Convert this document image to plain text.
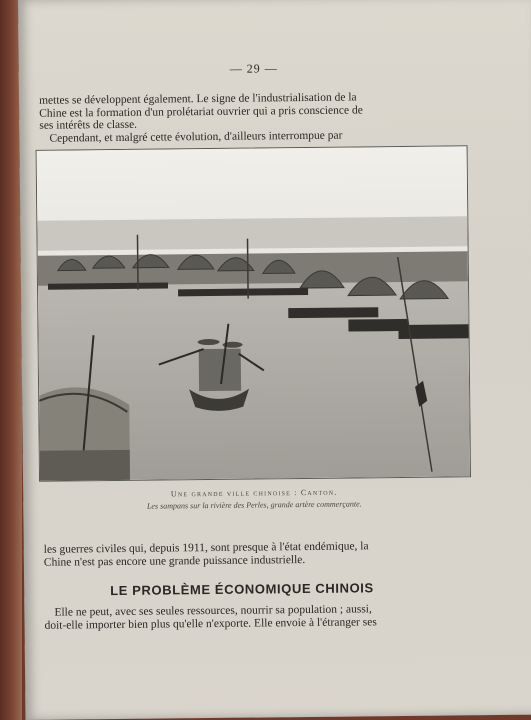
— 29 —

mettes se développent également. Le signe de l'industrialisation de la

Chine est la formation d'un prolétariat ouvrier qui a pris conscience de

ses intérêts de classe.

Cependant, et malgré cette évolution, d'ailleurs interrompue par

Une grande ville chinoise : Canton.
Les sampans sur la rivière des Perles, grande artère commerçante.

les guerres civiles qui, depuis 1911, sont presque à l'état endémique, la

Chine n'est pas encore une grande puissance industrielle.

LE PROBLÈME ÉCONOMIQUE CHINOIS

Elle ne peut, avec ses seules ressources, nourrir sa population ; aussi,

doit-elle importer bien plus qu'elle n'exporte. Elle envoie à l'étranger ses
